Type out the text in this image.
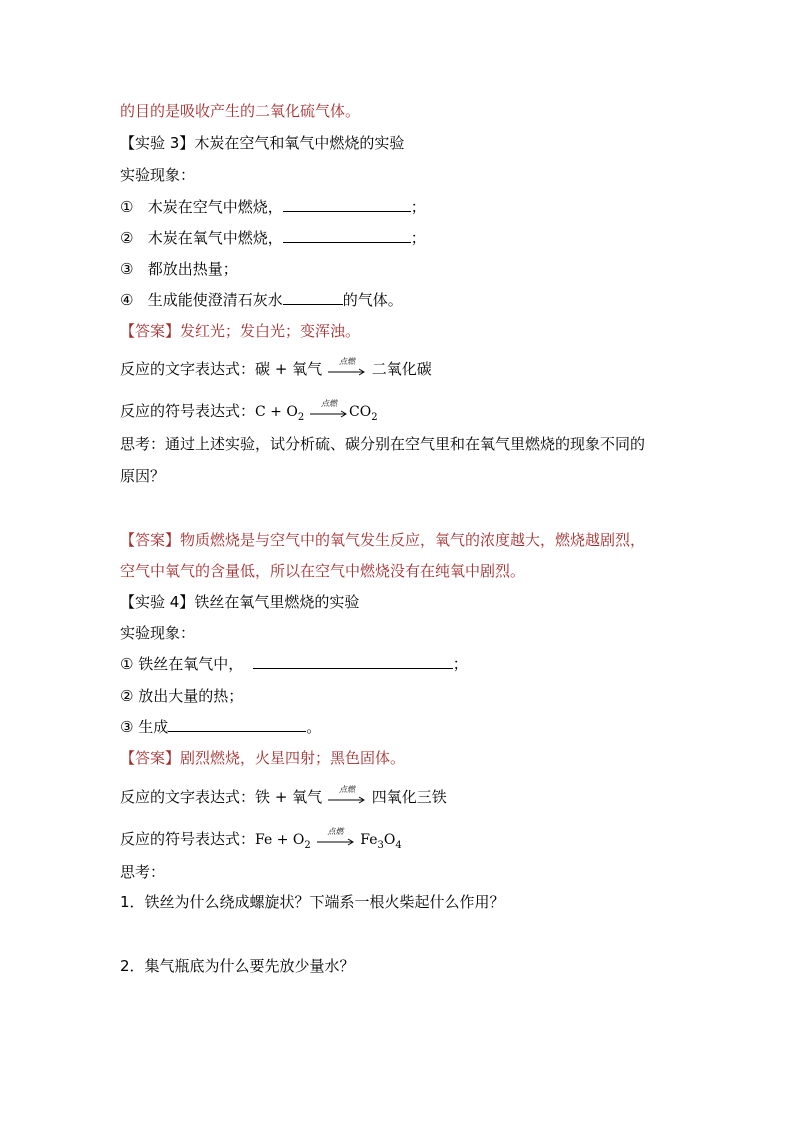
的目的是吸收产生的二氧化硫气体。
【实验 3】木炭在空气和氧气中燃烧的实验
实验现象：
① 木炭在空气中燃烧，	；
② 木炭在氧气中燃烧，	；
③ 都放出热量；
④ 生成能使澄清石灰水	的气体。
【答案】发红光；发白光；变浑浊。
反应的文字表达式：碳 + 氧气	点燃	二氧化碳
反应的符号表达式：$C + O_2$
点燃
$CO_2$
思考：通过上述实验，试分析硫、碳分别在空气里和在氧气里燃烧的现象不同的
原因？
【答案】物质燃烧是与空气中的氧气发生反应，氧气的浓度越大，燃烧越剧烈，
空气中氧气的含量低，所以在空气中燃烧没有在纯氧中剧烈。
【实验 4】铁丝在氧气里燃烧的实验
实验现象：
① 铁丝在氧气中，	；
② 放出大量的热；
③ 生成	。
【答案】剧烈燃烧，火星四射；黑色固体。
反应的文字表达式：铁 + 氧气	点燃	四氧化三铁
反应的符号表达式：$Fe + O_2$
点燃
$Fe_3O_4$
思考：
1．铁丝为什么绕成螺旋状？下端系一根火柴起什么作用？
2．集气瓶底为什么要先放少量水？
